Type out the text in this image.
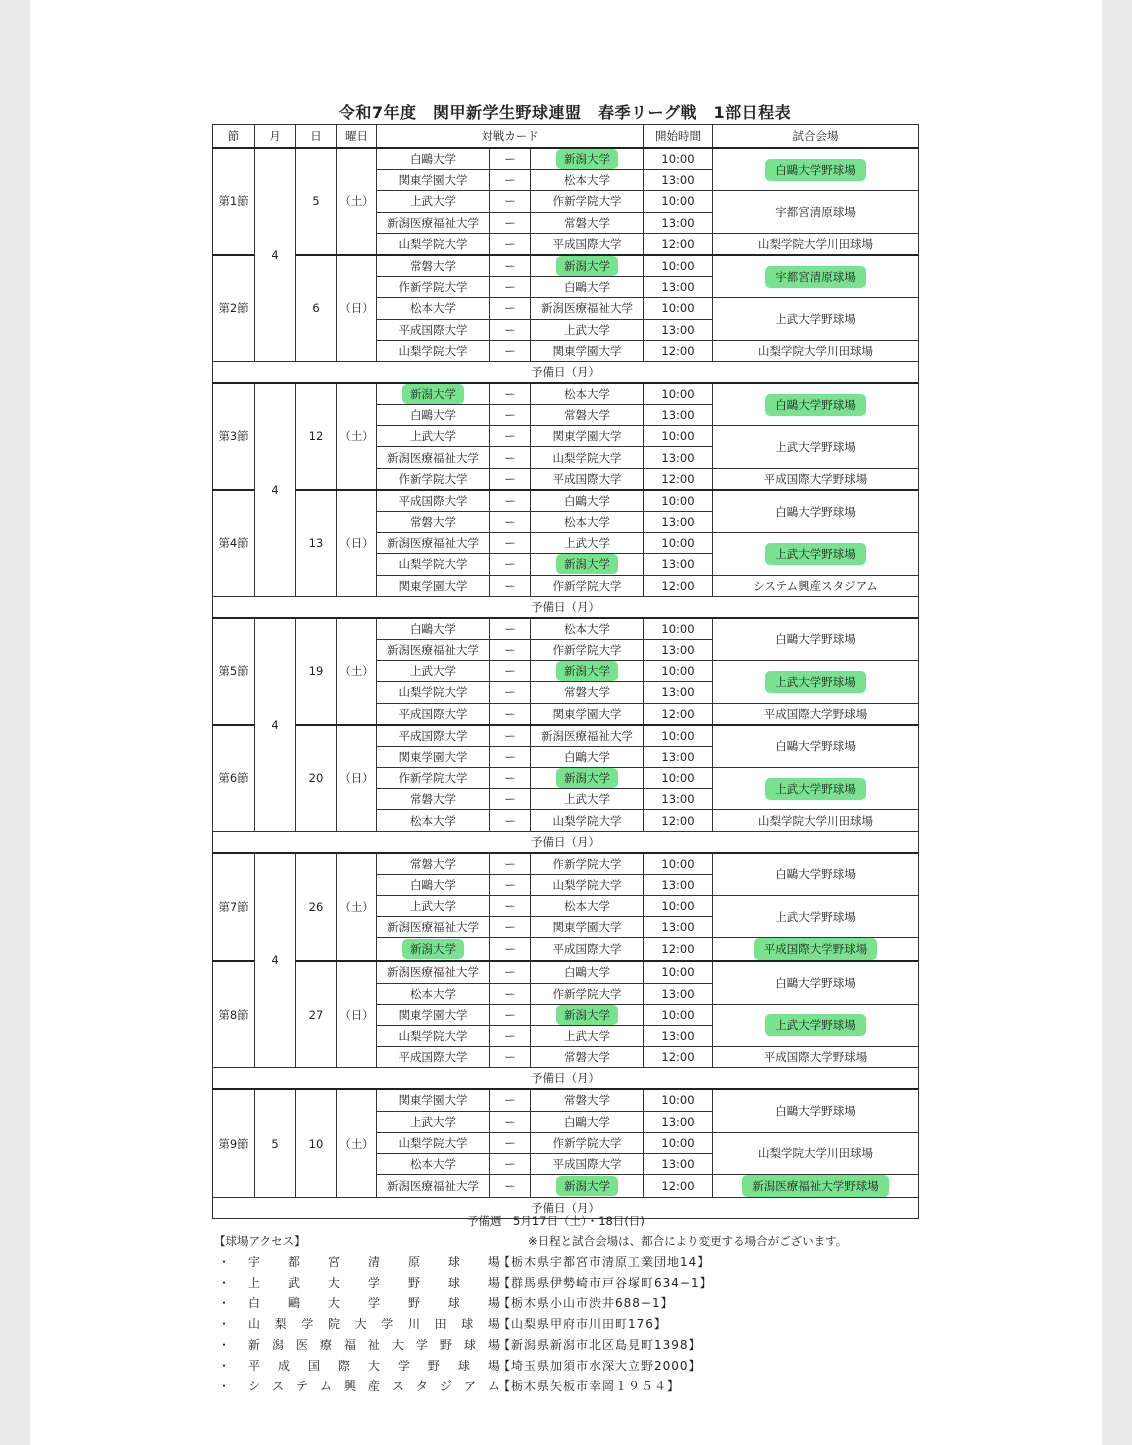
令和7年度　関甲新学生野球連盟　春季リーグ戦　1部日程表
節	月	日	曜日	対戦カード			開始時間	試合会場
第1節	4	5	（土）	白鷗大学	ー	新潟大学	10:00	白鷗大学野球場
				関東学園大学	ー	松本大学	13:00	
				上武大学	ー	作新学院大学	10:00	宇都宮清原球場
				新潟医療福祉大学	ー	常磐大学	13:00	
				山梨学院大学	ー	平成国際大学	12:00	山梨学院大学川田球場
第2節		6	（日）	常磐大学	ー	新潟大学	10:00	宇都宮清原球場
				作新学院大学	ー	白鷗大学	13:00	
				松本大学	ー	新潟医療福祉大学	10:00	上武大学野球場
				平成国際大学	ー	上武大学	13:00	
				山梨学院大学	ー	関東学園大学	12:00	山梨学院大学川田球場
予備日（月）								
第3節	4	12	（土）	新潟大学	ー	松本大学	10:00	白鷗大学野球場
				白鷗大学	ー	常磐大学	13:00	
				上武大学	ー	関東学園大学	10:00	上武大学野球場
				新潟医療福祉大学	ー	山梨学院大学	13:00	
				作新学院大学	ー	平成国際大学	12:00	平成国際大学野球場
第4節		13	（日）	平成国際大学	ー	白鷗大学	10:00	白鷗大学野球場
				常磐大学	ー	松本大学	13:00	
				新潟医療福祉大学	ー	上武大学	10:00	上武大学野球場
				山梨学院大学	ー	新潟大学	13:00	
				関東学園大学	ー	作新学院大学	12:00	システム興産スタジアム
予備日（月）								
第5節	4	19	（土）	白鷗大学	ー	松本大学	10:00	白鷗大学野球場
				新潟医療福祉大学	ー	作新学院大学	13:00	
				上武大学	ー	新潟大学	10:00	上武大学野球場
				山梨学院大学	ー	常磐大学	13:00	
				平成国際大学	ー	関東学園大学	12:00	平成国際大学野球場
第6節		20	（日）	平成国際大学	ー	新潟医療福祉大学	10:00	白鷗大学野球場
				関東学園大学	ー	白鷗大学	13:00	
				作新学院大学	ー	新潟大学	10:00	上武大学野球場
				常磐大学	ー	上武大学	13:00	
				松本大学	ー	山梨学院大学	12:00	山梨学院大学川田球場
予備日（月）								
第7節	4	26	（土）	常磐大学	ー	作新学院大学	10:00	白鷗大学野球場
				白鷗大学	ー	山梨学院大学	13:00	
				上武大学	ー	松本大学	10:00	上武大学野球場
				新潟医療福祉大学	ー	関東学園大学	13:00	
				新潟大学	ー	平成国際大学	12:00	平成国際大学野球場
第8節		27	（日）	新潟医療福祉大学	ー	白鷗大学	10:00	白鷗大学野球場
				松本大学	ー	作新学院大学	13:00	
				関東学園大学	ー	新潟大学	10:00	上武大学野球場
				山梨学院大学	ー	上武大学	13:00	
				平成国際大学	ー	常磐大学	12:00	平成国際大学野球場
予備日（月）								
第9節	5	10	（土）	関東学園大学	ー	常磐大学	10:00	白鷗大学野球場
				上武大学	ー	白鷗大学	13:00	
				山梨学院大学	ー	作新学院大学	10:00	山梨学院大学川田球場
				松本大学	ー	平成国際大学	13:00	
				新潟医療福祉大学	ー	新潟大学	12:00	新潟医療福祉大学野球場
予備日（月）								
予備週　5月17日（土）・18日(日)
【球場アクセス】	※日程と試合会場は、都合により変更する場合がございます。
・ 宇 都 宮 清 原 球 場
【栃木県宇都宮市清原工業団地14】
・ 上 武 大 学 野 球 場
【群馬県伊勢崎市戸谷塚町634−1】
・ 白 鷗 大 学 野 球 場
【栃木県小山市渋井688−1】
・ 山 梨 学 院 大 学 川 田 球 場
【山梨県甲府市川田町176】
・ 新 潟 医 療 福 祉 大 学 野 球 場
【新潟県新潟市北区島見町1398】
・ 平 成 国 際 大 学 野 球 場
【埼玉県加須市水深大立野2000】
・ シ ス テ ム 興 産 ス タ ジ ア ム
【栃木県矢板市幸岡１９５４】
